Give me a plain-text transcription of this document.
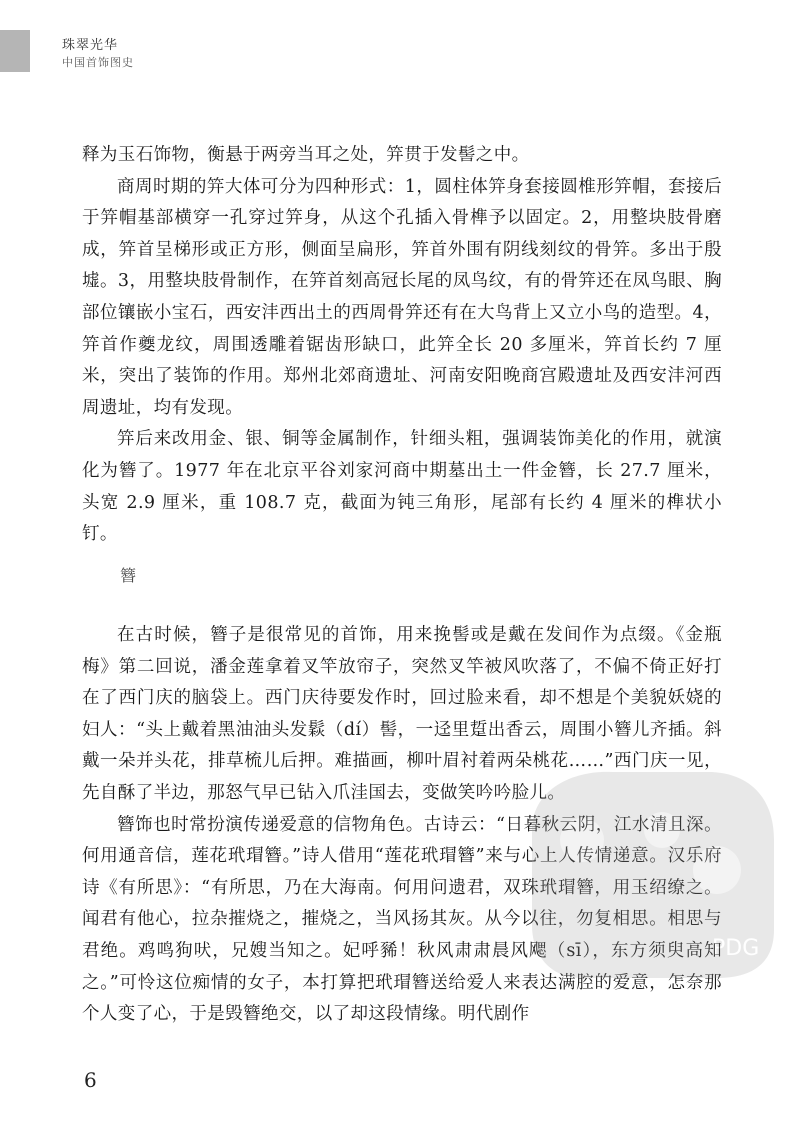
珠翠光华
中国首饰图史

释为玉石饰物，衡悬于两旁当耳之处，笄贯于发髻之中。

商周时期的笄大体可分为四种形式：1，圆柱体笄身套接圆椎形笄帽，套接后于笄帽基部横穿一孔穿过笄身，从这个孔插入骨榫予以固定。2，用整块肢骨磨成，笄首呈梯形或正方形，侧面呈扁形，笄首外围有阴线刻纹的骨笄。多出于殷墟。3，用整块肢骨制作，在笄首刻高冠长尾的凤鸟纹，有的骨笄还在凤鸟眼、胸部位镶嵌小宝石，西安沣西出土的西周骨笄还有在大鸟背上又立小鸟的造型。4，笄首作夔龙纹，周围透雕着锯齿形缺口，此笄全长 20 多厘米，笄首长约 7 厘米，突出了装饰的作用。郑州北郊商遗址、河南安阳晚商宫殿遗址及西安沣河西周遗址，均有发现。

笄后来改用金、银、铜等金属制作，针细头粗，强调装饰美化的作用，就演化为簪了。1977 年在北京平谷刘家河商中期墓出土一件金簪，长 27.7 厘米，头宽 2.9 厘米，重 108.7 克，截面为钝三角形，尾部有长约 4 厘米的榫状小钉。

簪

在古时候，簪子是很常见的首饰，用来挽髻或是戴在发间作为点缀。《金瓶梅》第二回说，潘金莲拿着叉竿放帘子，突然叉竿被风吹落了，不偏不倚正好打在了西门庆的脑袋上。西门庆待要发作时，回过脸来看，却不想是个美貌妖娆的妇人：“头上戴着黑油油头发鬏（dí）髻，一迳里踅出香云，周围小簪儿齐插。斜戴一朵并头花，排草梳儿后押。难描画，柳叶眉衬着两朵桃花……”西门庆一见，先自酥了半边，那怒气早已钻入爪洼国去，变做笑吟吟脸儿。

簪饰也时常扮演传递爱意的信物角色。古诗云：“日暮秋云阴，江水清且深。何用通音信，莲花玳瑁簪。”诗人借用“莲花玳瑁簪”来与心上人传情递意。汉乐府诗《有所思》：“有所思，乃在大海南。何用问遗君，双珠玳瑁簪，用玉绍缭之。闻君有他心，拉杂摧烧之，摧烧之，当风扬其灰。从今以往，勿复相思。相思与君绝。鸡鸣狗吠，兄嫂当知之。妃呼豨！秋风肃肃晨风飔（sī），东方须臾高知之。”可怜这位痴情的女子，本打算把玳瑁簪送给爱人来表达满腔的爱意，怎奈那个人变了心，于是毁簪绝交，以了却这段情缘。明代剧作

PDG
6
